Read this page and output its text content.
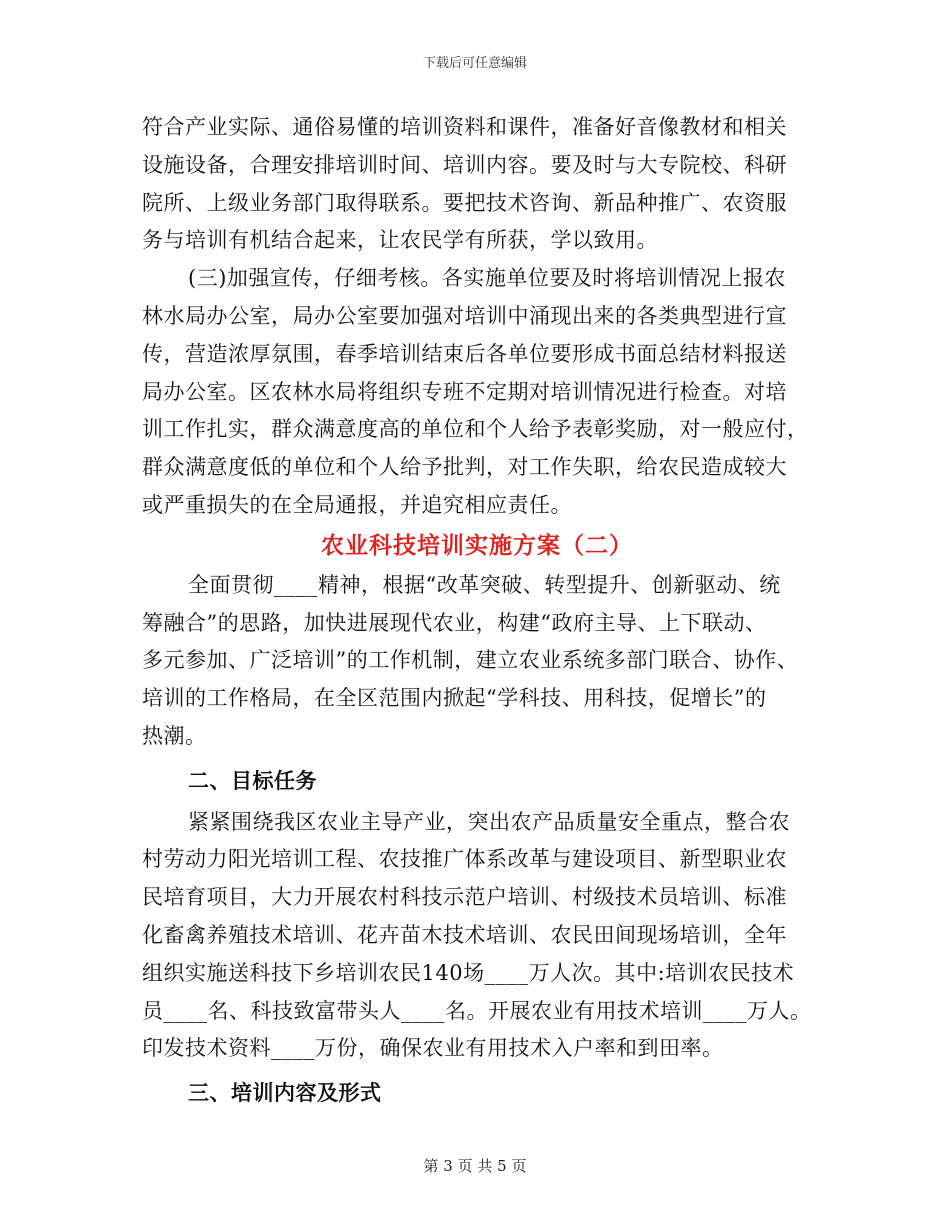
下载后可任意编辑
符合产业实际、通俗易懂的培训资料和课件，准备好音像教材和相关
设施设备，合理安排培训时间、培训内容。要及时与大专院校、科研
院所、上级业务部门取得联系。要把技术咨询、新品种推广、农资服
务与培训有机结合起来，让农民学有所获，学以致用。
(三)加强宣传，仔细考核。各实施单位要及时将培训情况上报农
林水局办公室，局办公室要加强对培训中涌现出来的各类典型进行宣
传，营造浓厚氛围，春季培训结束后各单位要形成书面总结材料报送
局办公室。区农林水局将组织专班不定期对培训情况进行检查。对培
训工作扎实，群众满意度高的单位和个人给予表彰奖励，对一般应付，
群众满意度低的单位和个人给予批判，对工作失职，给农民造成较大
或严重损失的在全局通报，并追究相应责任。
农业科技培训实施方案（二）
全面贯彻____精神，根据“改革突破、转型提升、创新驱动、统
筹融合”的思路，加快进展现代农业，构建“政府主导、上下联动、
多元参加、广泛培训”的工作机制，建立农业系统多部门联合、协作、
培训的工作格局，在全区范围内掀起“学科技、用科技，促增长”的
热潮。
二、目标任务
紧紧围绕我区农业主导产业，突出农产品质量安全重点，整合农
村劳动力阳光培训工程、农技推广体系改革与建设项目、新型职业农
民培育项目，大力开展农村科技示范户培训、村级技术员培训、标准
化畜禽养殖技术培训、花卉苗木技术培训、农民田间现场培训，全年
组织实施送科技下乡培训农民140场____万人次。其中:培训农民技术
员____名、科技致富带头人____名。开展农业有用技术培训____万人。
印发技术资料____万份，确保农业有用技术入户率和到田率。
三、培训内容及形式
第 3 页 共 5 页
